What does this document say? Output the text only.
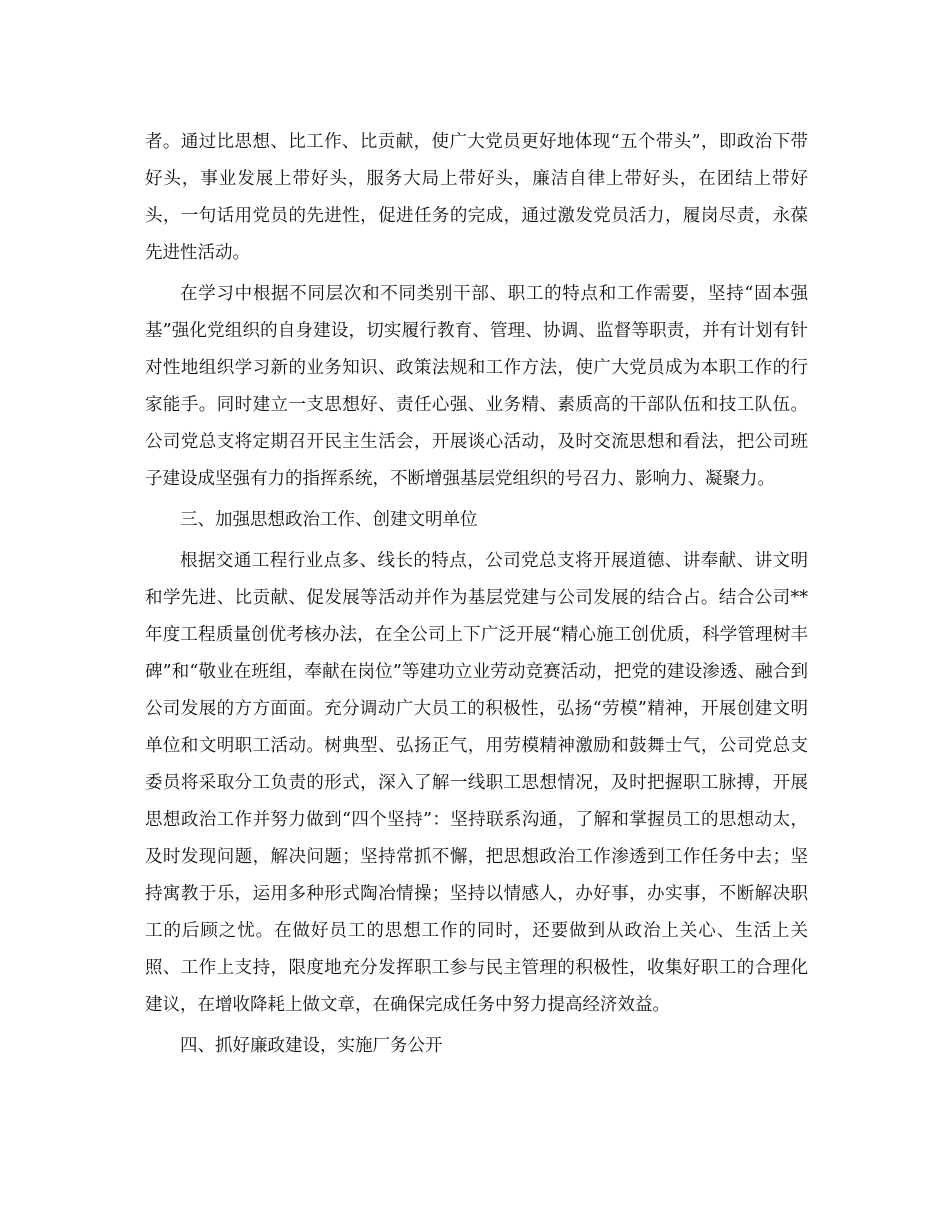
者。通过比思想、比工作、比贡献，使广大党员更好地体现“五个带头”，即政治下带好头，事业发展上带好头，服务大局上带好头，廉洁自律上带好头，在团结上带好头，一句话用党员的先进性，促进任务的完成，通过激发党员活力，履岗尽责，永葆先进性活动。

在学习中根据不同层次和不同类别干部、职工的特点和工作需要，坚持“固本强基”强化党组织的自身建设，切实履行教育、管理、协调、监督等职责，并有计划有针对性地组织学习新的业务知识、政策法规和工作方法，使广大党员成为本职工作的行家能手。同时建立一支思想好、责任心强、业务精、素质高的干部队伍和技工队伍。公司党总支将定期召开民主生活会，开展谈心活动，及时交流思想和看法，把公司班子建设成坚强有力的指挥系统，不断增强基层党组织的号召力、影响力、凝聚力。

三、加强思想政治工作、创建文明单位

根据交通工程行业点多、线长的特点，公司党总支将开展道德、讲奉献、讲文明和学先进、比贡献、促发展等活动并作为基层党建与公司发展的结合占。结合公司**年度工程质量创优考核办法，在全公司上下广泛开展“精心施工创优质，科学管理树丰碑”和“敬业在班组，奉献在岗位”等建功立业劳动竞赛活动，把党的建设渗透、融合到公司发展的方方面面。充分调动广大员工的积极性，弘扬“劳模”精神，开展创建文明单位和文明职工活动。树典型、弘扬正气，用劳模精神激励和鼓舞士气，公司党总支委员将采取分工负责的形式，深入了解一线职工思想情况，及时把握职工脉搏，开展思想政治工作并努力做到“四个坚持”：坚持联系沟通，了解和掌握员工的思想动太，及时发现问题，解决问题；坚持常抓不懈，把思想政治工作渗透到工作任务中去；坚持寓教于乐，运用多种形式陶冶情操；坚持以情感人，办好事，办实事，不断解决职工的后顾之忧。在做好员工的思想工作的同时，还要做到从政治上关心、生活上关照、工作上支持，限度地充分发挥职工参与民主管理的积极性，收集好职工的合理化建议，在增收降耗上做文章，在确保完成任务中努力提高经济效益。

四、抓好廉政建设，实施厂务公开
